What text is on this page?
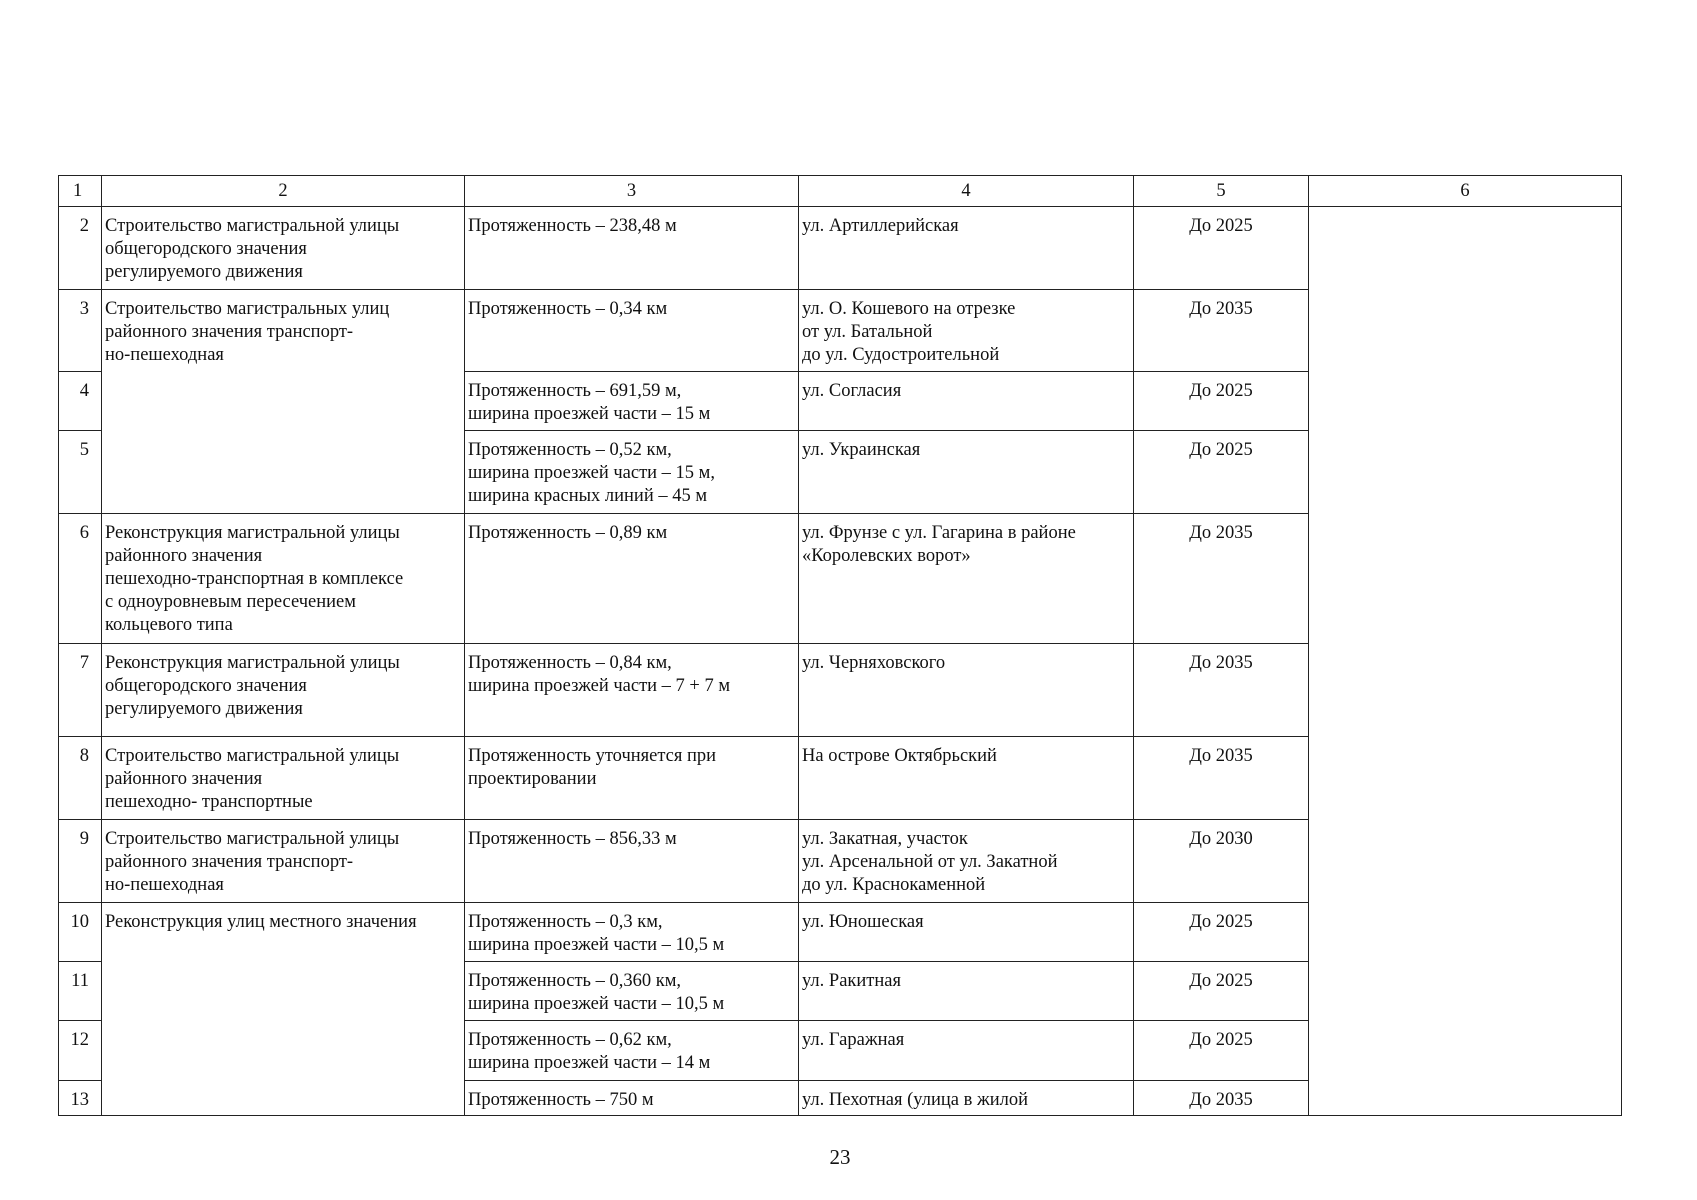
1	2	3	4	5	6
2	Строительство магистральной улицы
общегородского значения
регулируемого движения	Протяженность – 238,48 м	ул. Артиллерийская	До 2025	
3	Строительство магистральных улиц
районного значения транспорт-
но-пешеходная	Протяженность – 0,34 км	ул. О. Кошевого на отрезке
от ул. Батальной
до ул. Судостроительной	До 2035	
4		Протяженность – 691,59 м,
ширина проезжей части – 15 м	ул. Согласия	До 2025	
5		Протяженность – 0,52 км,
ширина проезжей части – 15 м,
ширина красных линий – 45 м	ул. Украинская	До 2025	
6	Реконструкция магистральной улицы
районного значения
пешеходно-транспортная в комплексе
с одноуровневым пересечением
кольцевого типа	Протяженность – 0,89 км	ул. Фрунзе с ул. Гагарина в районе
«Королевских ворот»	До 2035	
7	Реконструкция магистральной улицы
общегородского значения
регулируемого движения	Протяженность – 0,84 км,
ширина проезжей части – 7 + 7 м	ул. Черняховского	До 2035	
8	Строительство магистральной улицы
районного значения
пешеходно- транспортные	Протяженность уточняется при
проектировании	На острове Октябрьский	До 2035	
9	Строительство магистральной улицы
районного значения транспорт-
но-пешеходная	Протяженность – 856,33 м	ул. Закатная, участок
ул. Арсенальной от ул. Закатной
до ул. Краснокаменной	До 2030	
10	Реконструкция улиц местного значения	Протяженность – 0,3 км,
ширина проезжей части – 10,5 м	ул. Юношеская	До 2025	
11		Протяженность – 0,360 км,
ширина проезжей части – 10,5 м	ул. Ракитная	До 2025	
12		Протяженность – 0,62 км,
ширина проезжей части – 14 м	ул. Гаражная	До 2025	
13		Протяженность – 750 м	ул. Пехотная (улица в жилой	До 2035	
23
